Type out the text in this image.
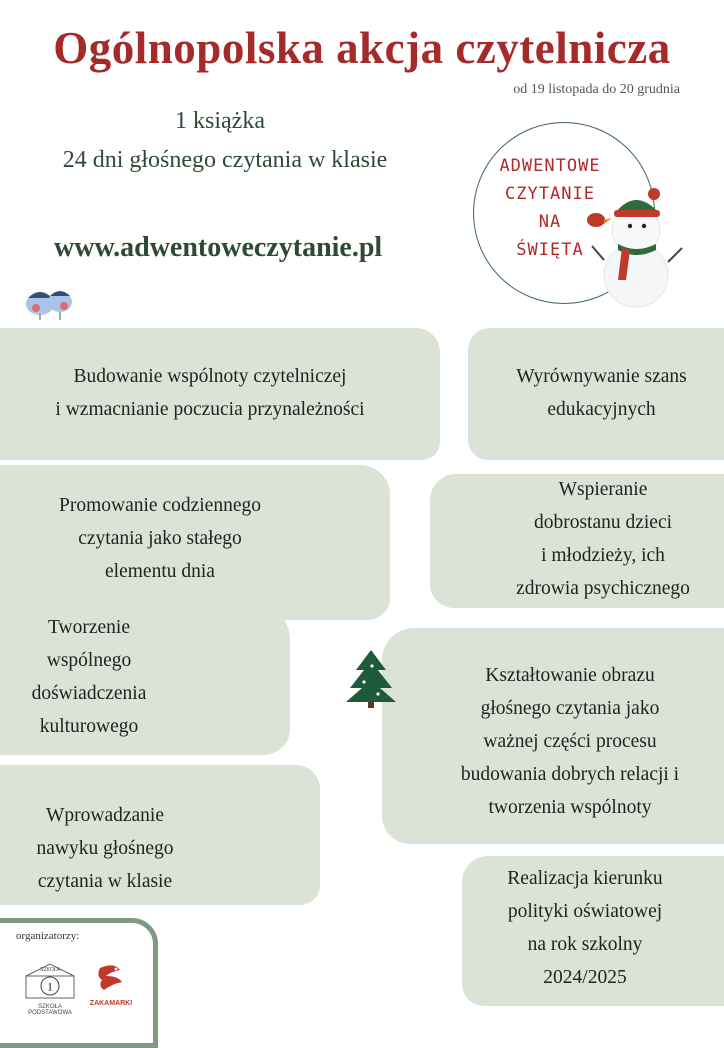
Ogólnopolska akcja czytelnicza
od 19 listopada do 20 grudnia
1 książka
24 dni głośnego czytania w klasie
www.adwentoweczytanie.pl
ADWENTOWE
CZYTANIE
NA
ŚWIĘTA
Budowanie wspólnoty czytelniczej
i wzmacnianie poczucia przynależności
Wyrównywanie szans
edukacyjnych
Promowanie codziennego
czytania jako stałego
elementu dnia
Wspieranie
dobrostanu dzieci
i młodzieży, ich
zdrowia psychicznego
Tworzenie
wspólnego
doświadczenia
kulturowego
Kształtowanie obrazu
głośnego czytania jako
ważnej części procesu
budowania dobrych relacji i
tworzenia wspólnoty
Wprowadzanie
nawyku głośnego
czytania w klasie	Realizacja kierunku
polityki oświatowej
na rok szkolny
2024/2025
organizatorzy:
1
SZKOŁA
SZKOŁA PODSTAWOWA
ZAKAMARKI
